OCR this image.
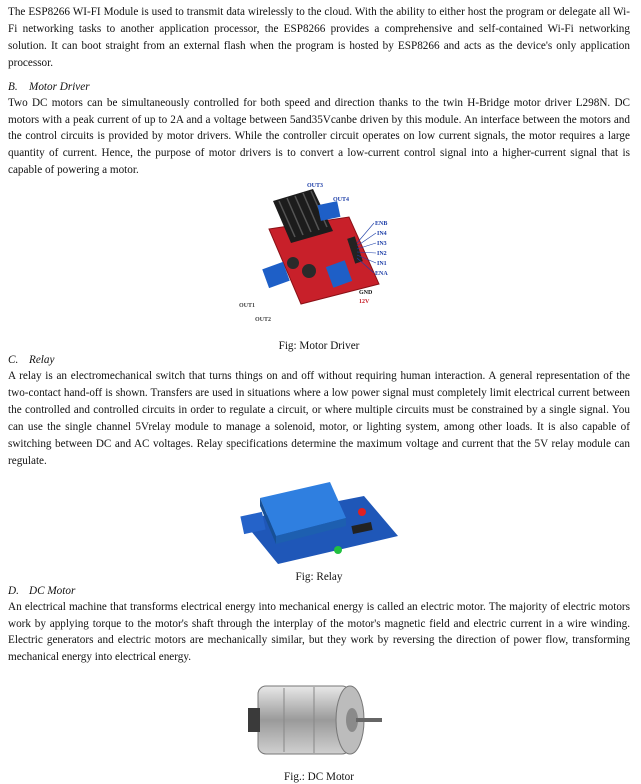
The ESP8266 WI-FI Module is used to transmit data wirelessly to the cloud. With the ability to either host the program or delegate all Wi-Fi networking tasks to another application processor, the ESP8266 provides a comprehensive and self-contained Wi-Fi networking solution. It can boot straight from an external flash when the program is hosted by ESP8266 and acts as the device's only application processor.

B. Motor Driver

Two DC motors can be simultaneously controlled for both speed and direction thanks to the twin H-Bridge motor driver L298N. DC motors with a peak current of up to 2A and a voltage between 5and35Vcanbe driven by this module. An interface between the motors and the control circuits is provided by motor drivers. While the controller circuit operates on low current signals, the motor requires a large quantity of current. Hence, the purpose of motor drivers is to convert a low-current control signal into a higher-current signal that is capable of powering a motor.

OUT3
OUT4
ENB
IN4
IN3
IN2
IN1
ENA
5V
GND
12V
OUT1
OUT2
Fig: Motor Driver
C. Relay

A relay is an electromechanical switch that turns things on and off without requiring human interaction. A general representation of the two-contact hand-off is shown. Transfers are used in situations where a low power signal must completely limit electrical current between the controlled and controlled circuits in order to regulate a circuit, or where multiple circuits must be constrained by a single signal. You can use the single channel 5Vrelay module to manage a solenoid, motor, or lighting system, among other loads. It is also capable of switching between DC and AC voltages. Relay specifications determine the maximum voltage and current that the 5V relay module can regulate.

Fig: Relay
D. DC Motor

An electrical machine that transforms electrical energy into mechanical energy is called an electric motor. The majority of electric motors work by applying torque to the motor's shaft through the interplay of the motor's magnetic field and electric current in a wire winding. Electric generators and electric motors are mechanically similar, but they work by reversing the direction of power flow, transforming mechanical energy into electrical energy.

Fig.: DC Motor
